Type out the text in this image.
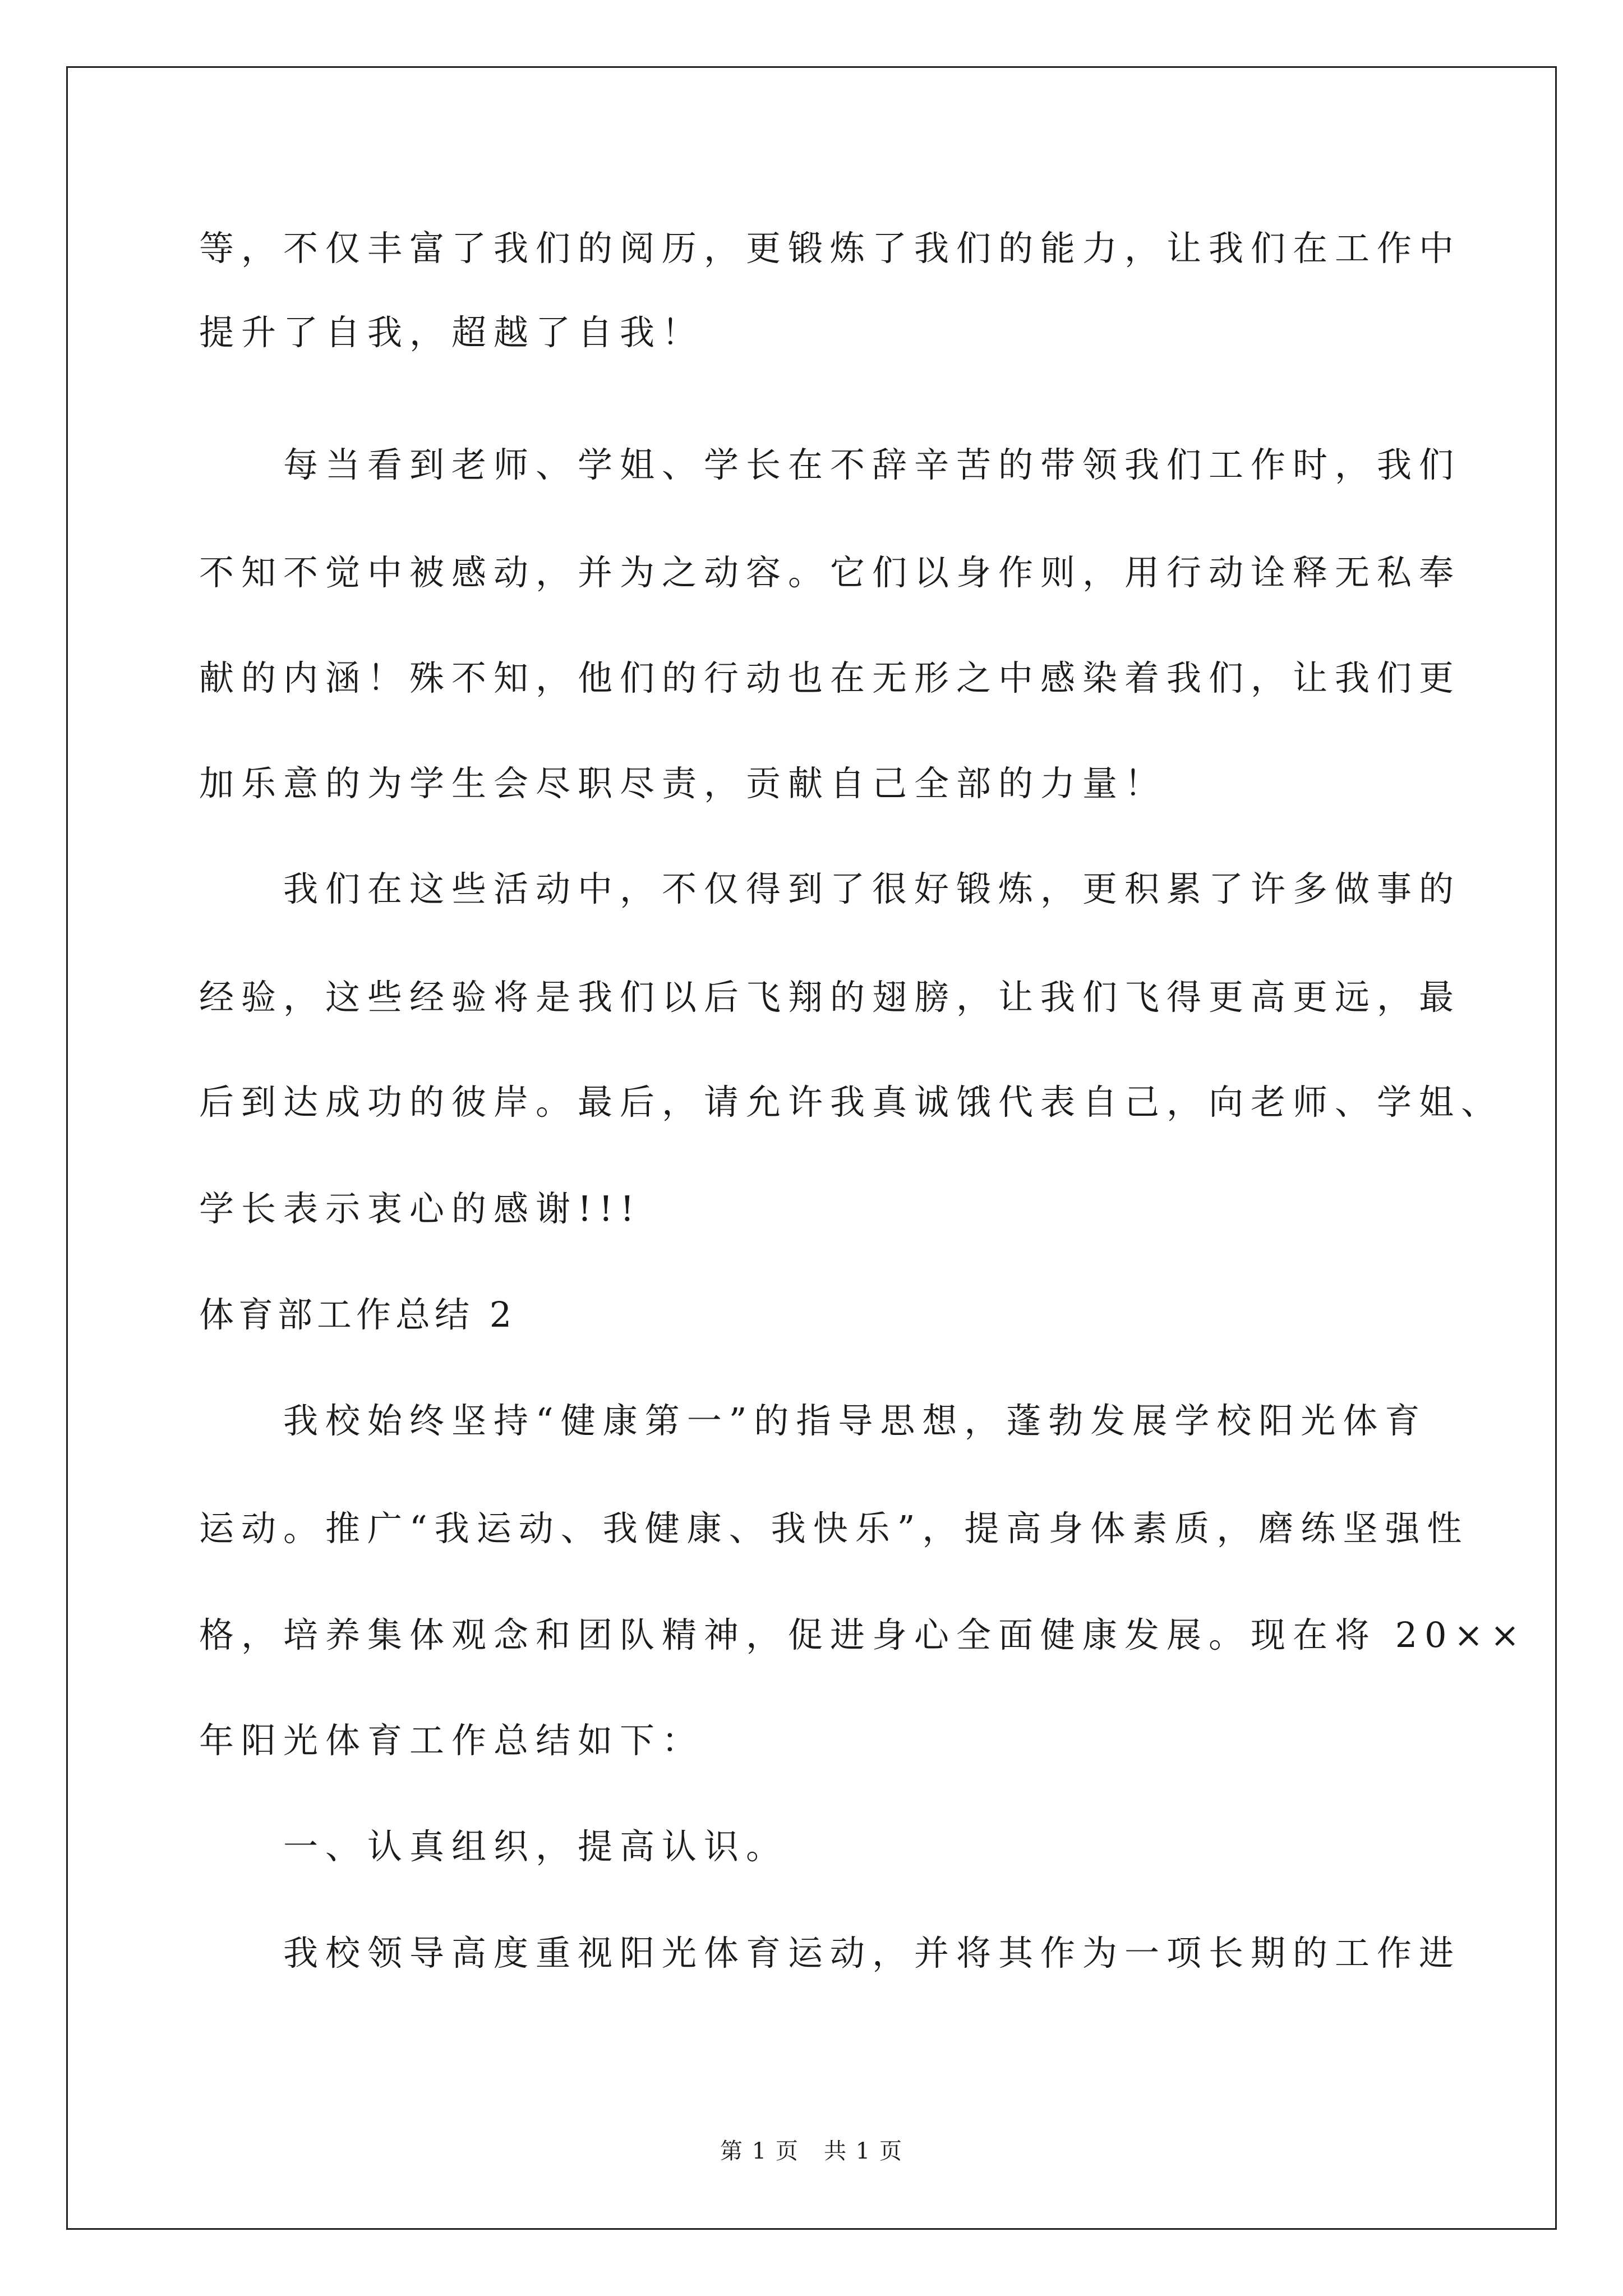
等，不仅丰富了我们的阅历，更锻炼了我们的能力，让我们在工作中
提升了自我，超越了自我！
每当看到老师、学姐、学长在不辞辛苦的带领我们工作时，我们
不知不觉中被感动，并为之动容。它们以身作则，用行动诠释无私奉
献的内涵！殊不知，他们的行动也在无形之中感染着我们，让我们更
加乐意的为学生会尽职尽责，贡献自己全部的力量！
我们在这些活动中，不仅得到了很好锻炼，更积累了许多做事的
经验，这些经验将是我们以后飞翔的翅膀，让我们飞得更高更远，最
后到达成功的彼岸。最后，请允许我真诚饿代表自己，向老师、学姐、
学长表示衷心的感谢!!!
体育部工作总结 2
我校始终坚持“健康第一”的指导思想，蓬勃发展学校阳光体育
运动。推广“我运动、我健康、我快乐”，提高身体素质，磨练坚强性
格，培养集体观念和团队精神，促进身心全面健康发展。现在将 20××
年阳光体育工作总结如下：
一、认真组织，提高认识。
我校领导高度重视阳光体育运动，并将其作为一项长期的工作进
第 1 页   共 1 页
